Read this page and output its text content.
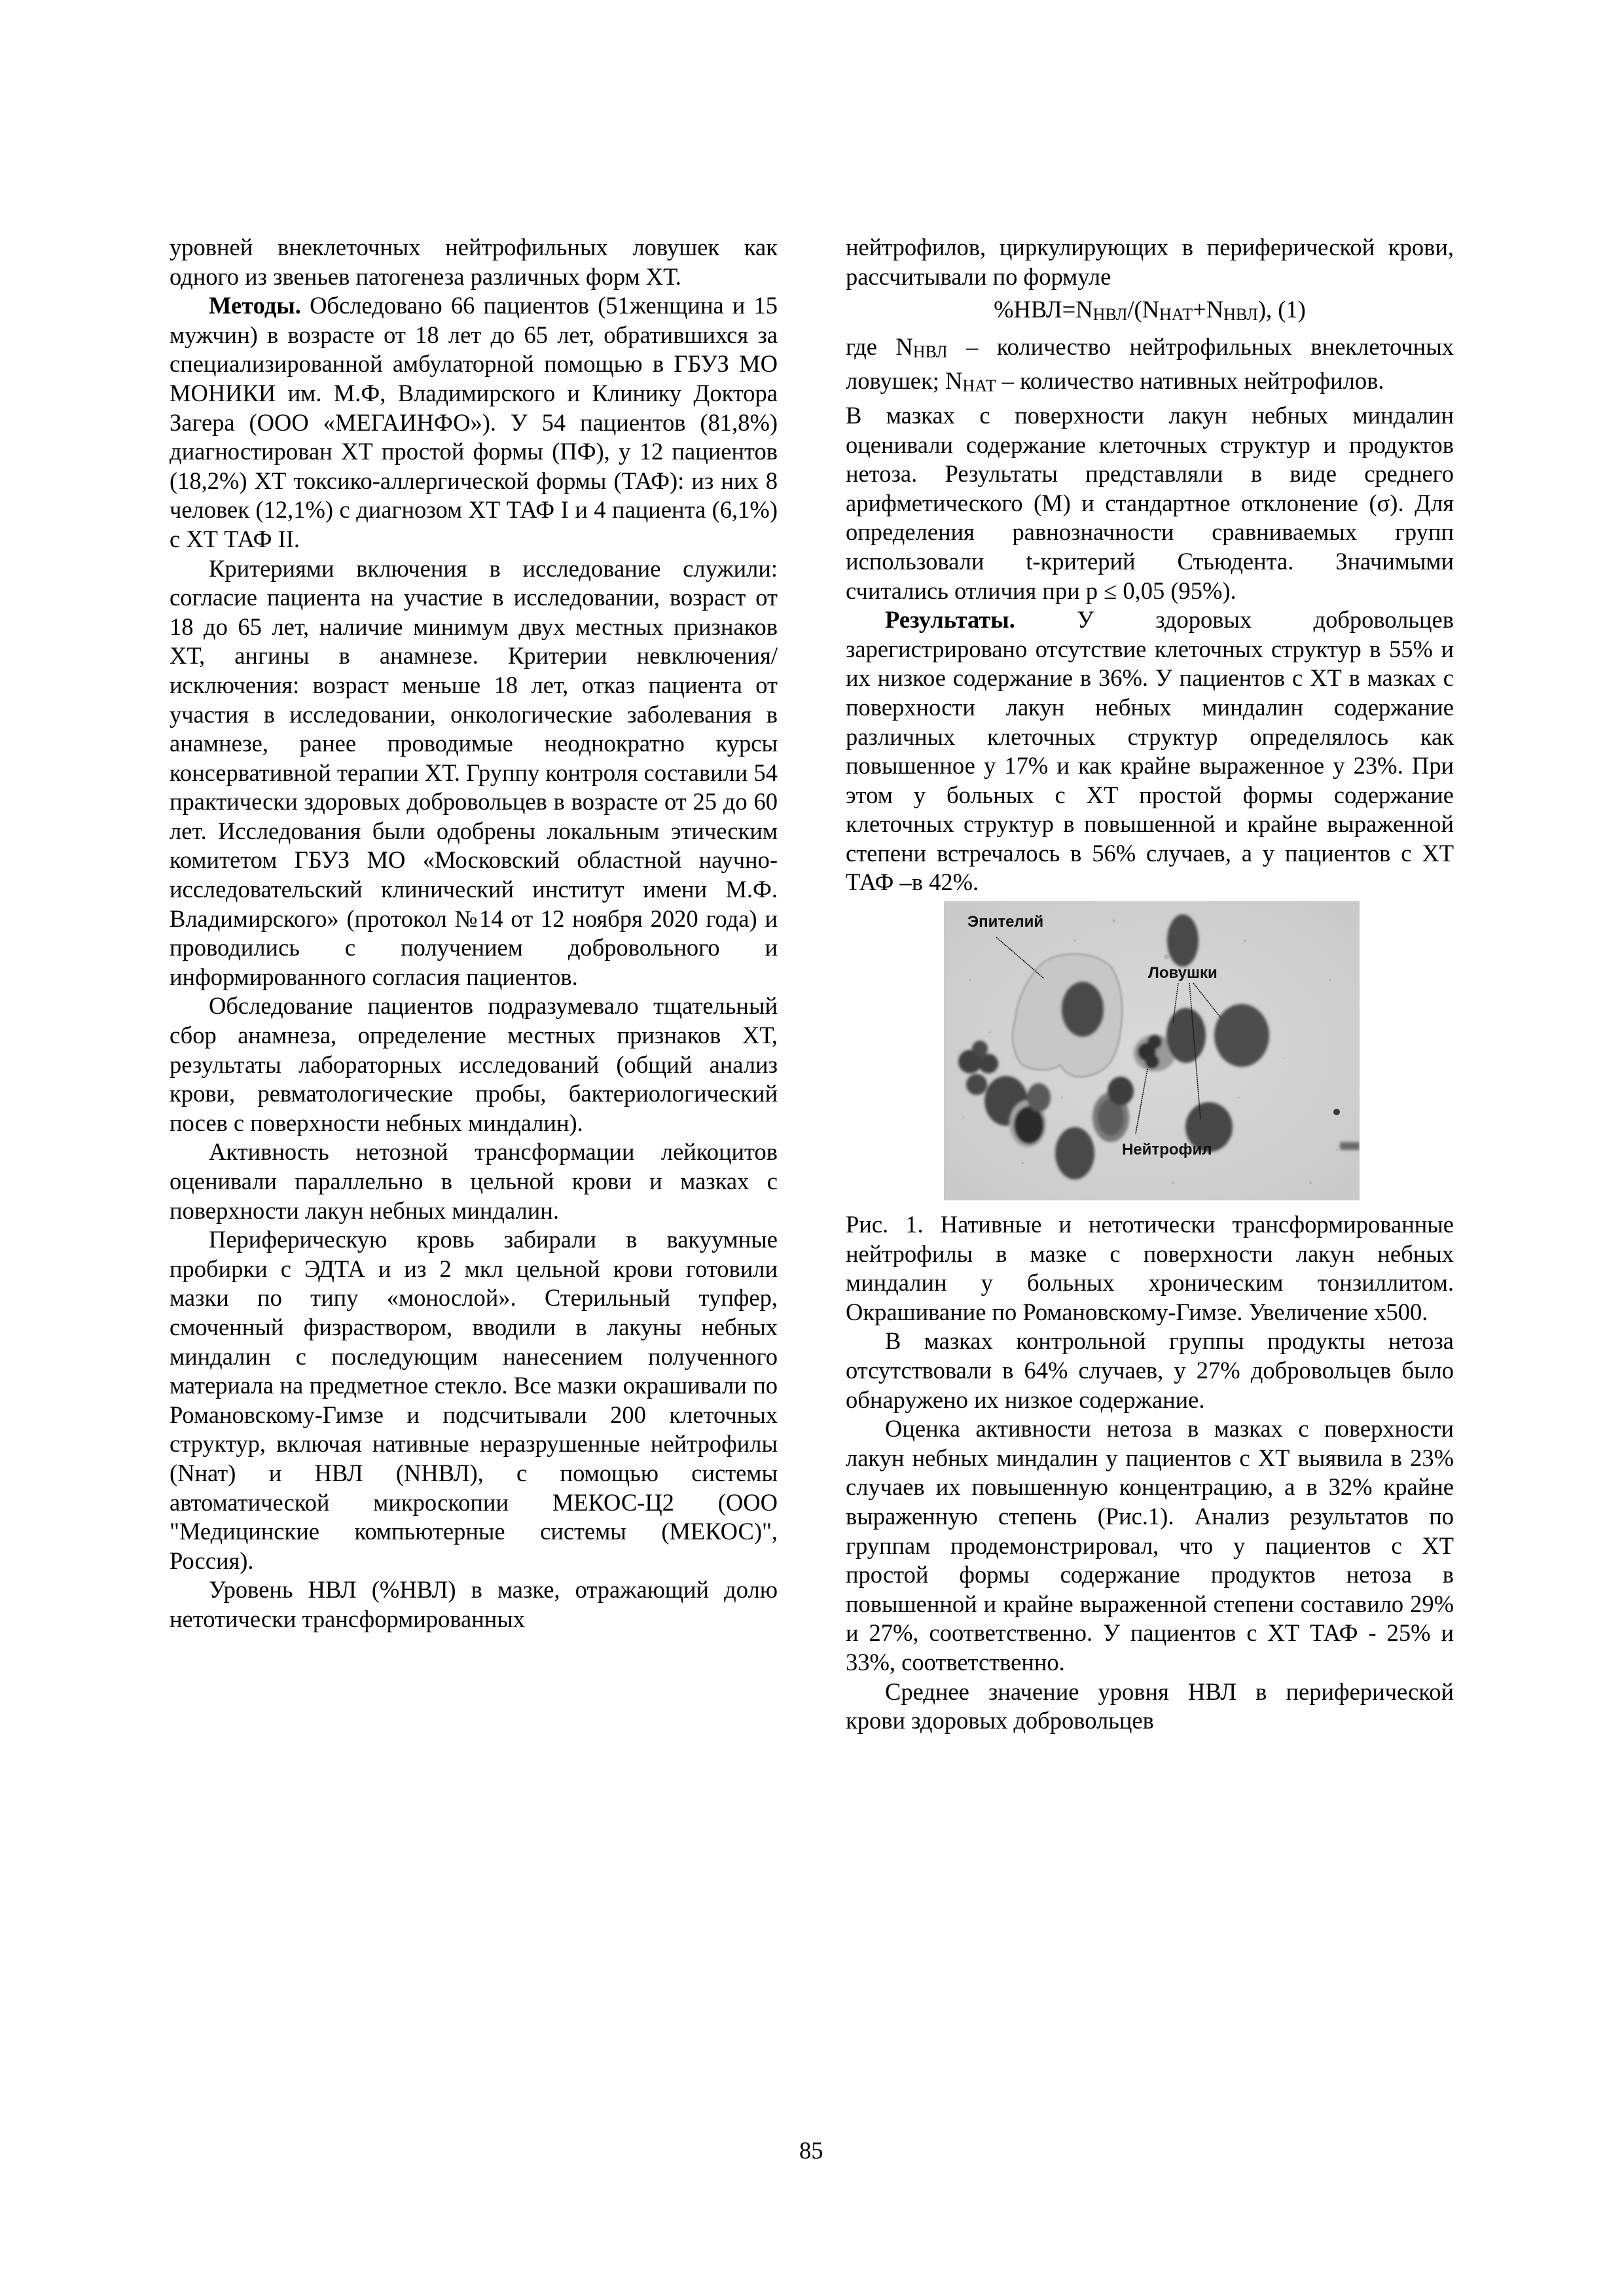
уровней внеклеточных нейтрофильных ловушек как одного из звеньев патогенеза различных форм ХТ.

Методы. Обследовано 66 пациентов (51женщина и 15 мужчин) в возрасте от 18 лет до 65 лет, обратившихся за специализированной амбулаторной помощью в ГБУЗ МО МОНИКИ им. М.Ф, Владимирского и Клинику Доктора Загера (ООО «МЕГАИНФО»). У 54 пациентов (81,8%) диагностирован ХТ простой формы (ПФ), у 12 пациентов (18,2%) ХТ токсико-аллергической формы (ТАФ): из них 8 человек (12,1%) с диагнозом ХТ ТАФ I и 4 пациента (6,1%) с ХТ ТАФ II.

Критериями включения в исследование служили: согласие пациента на участие в исследовании, возраст от 18 до 65 лет, наличие минимум двух местных признаков ХТ, ангины в анамнезе. Критерии невключения/исключения: возраст меньше 18 лет, отказ пациента от участия в исследовании, онкологические заболевания в анамнезе, ранее проводимые неоднократно курсы консервативной терапии ХТ. Группу контроля составили 54 практически здоровых добровольцев в возрасте от 25 до 60 лет. Исследования были одобрены локальным этическим комитетом ГБУЗ МО «Московский областной научно-исследовательский клинический институт имени М.Ф. Владимирского» (протокол №14 от 12 ноября 2020 года) и проводились с получением добровольного и информированного согласия пациентов.

Обследование пациентов подразумевало тщательный сбор анамнеза, определение местных признаков ХТ, результаты лабораторных исследований (общий анализ крови, ревматологические пробы, бактериологический посев с поверхности небных миндалин).

Активность нетозной трансформации лейкоцитов оценивали параллельно в цельной крови и мазках с поверхности лакун небных миндалин.

Периферическую кровь забирали в вакуумные пробирки с ЭДТА и из 2 мкл цельной крови готовили мазки по типу «монослой». Стерильный тупфер, смоченный физраствором, вводили в лакуны небных миндалин с последующим нанесением полученного материала на предметное стекло. Все мазки окрашивали по Романовскому-Гимзе и подсчитывали 200 клеточных структур, включая нативные неразрушенные нейтрофилы (Nнат) и НВЛ (NНВЛ), с помощью системы автоматической микроскопии МЕКОС-Ц2 (ООО "Медицинские компьютерные системы (МЕКОС)", Россия).

Уровень НВЛ (%НВЛ) в мазке, отражающий долю нетотически трансформированных

нейтрофилов, циркулирующих в периферической крови, рассчитывали по формуле

%НВЛ=NНВЛ/(NНАТ+NНВЛ), (1)

где NНВЛ – количество нейтрофильных внеклеточных ловушек; NНАТ – количество нативных нейтрофилов.

В мазках с поверхности лакун небных миндалин оценивали содержание клеточных структур и продуктов нетоза. Результаты представляли в виде среднего арифметического (М) и стандартное отклонение (σ). Для определения равнозначности сравниваемых групп использовали t-критерий Стьюдента. Значимыми считались отличия при p ≤ 0,05 (95%).

Результаты. У здоровых добровольцев зарегистрировано отсутствие клеточных структур в 55% и их низкое содержание в 36%. У пациентов с ХТ в мазках с поверхности лакун небных миндалин содержание различных клеточных структур определялось как повышенное у 17% и как крайне выраженное у 23%. При этом у больных с ХТ простой формы содержание клеточных структур в повышенной и крайне выраженной степени встречалось в 56% случаев, а у пациентов с ХТ ТАФ –в 42%.

Эпителий
Ловушки
Нейтрофил

Рис. 1. Нативные и нетотически трансформированные нейтрофилы в мазке с поверхности лакун небных миндалин у больных хроническим тонзиллитом. Окрашивание по Романовскому-Гимзе. Увеличение х500.

В мазках контрольной группы продукты нетоза отсутствовали в 64% случаев, у 27% добровольцев было обнаружено их низкое содержание.

Оценка активности нетоза в мазках с поверхности лакун небных миндалин у пациентов с ХТ выявила в 23% случаев их повышенную концентрацию, а в 32% крайне выраженную степень (Рис.1). Анализ результатов по группам продемонстрировал, что у пациентов с ХТ простой формы содержание продуктов нетоза в повышенной и крайне выраженной степени составило 29% и 27%, соответственно. У пациентов с ХТ ТАФ - 25% и 33%, соответственно.

Среднее значение уровня НВЛ в периферической крови здоровых добровольцев

85
